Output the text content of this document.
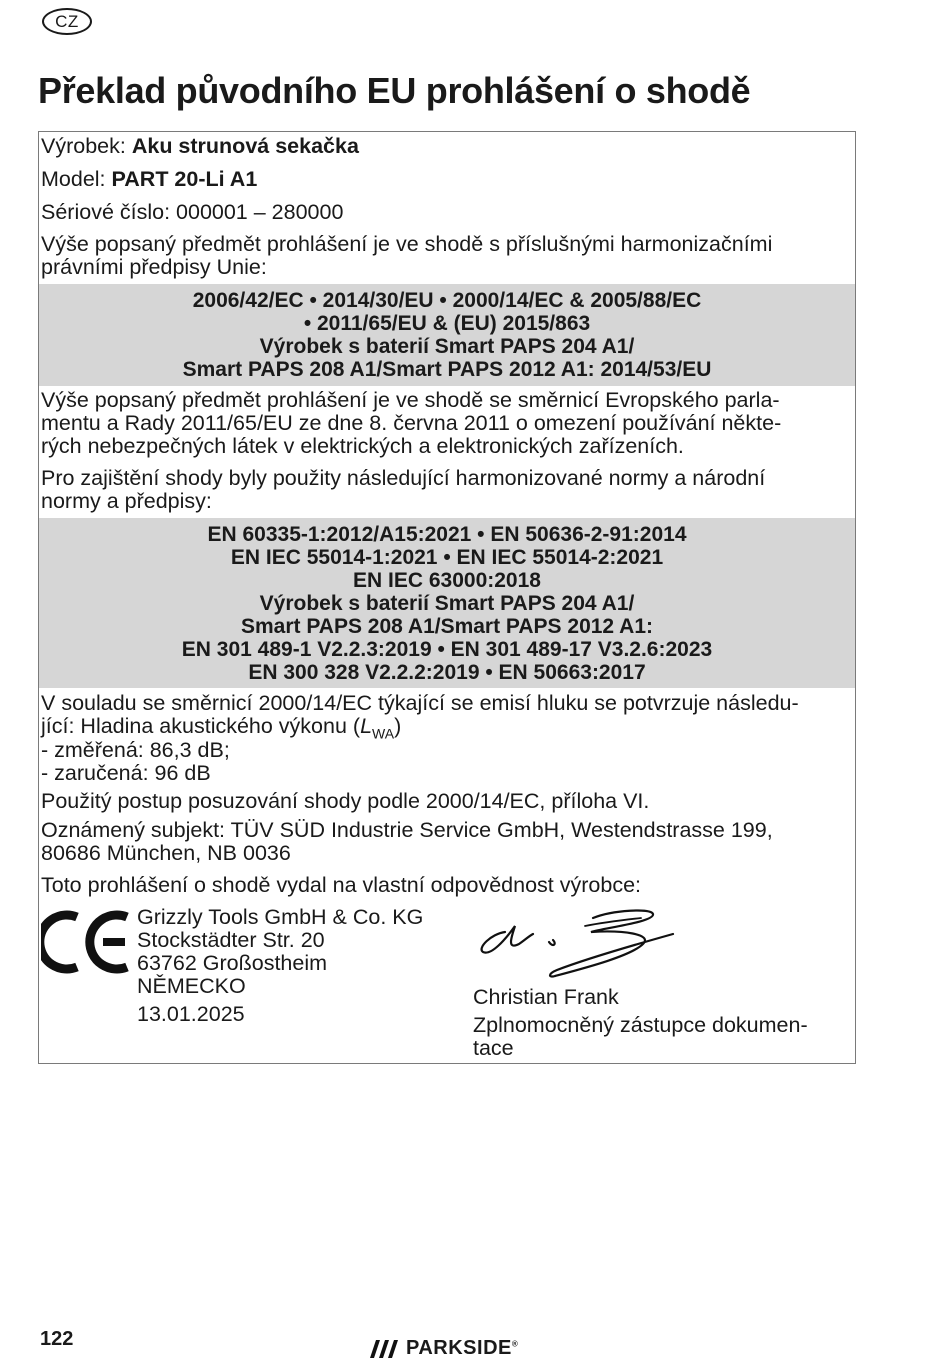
CZ
Překlad původního EU prohlášení o shodě
Výrobek: Aku strunová sekačka
Model: PART 20-Li A1
Sériové číslo: 000001 – 280000
Výše popsaný předmět prohlášení je ve shodě s příslušnými harmonizačními
právními předpisy Unie:
2006/42/EC • 2014/30/EU • 2000/14/EC & 2005/88/EC
• 2011/65/EU & (EU) 2015/863
Výrobek s baterií Smart PAPS 204 A1/
Smart PAPS 208 A1/Smart PAPS 2012 A1: 2014/53/EU
Výše popsaný předmět prohlášení je ve shodě se směrnicí Evropského parla-
mentu a Rady 2011/65/EU ze dne 8. června 2011 o omezení používání někte-
rých nebezpečných látek v elektrických a elektronických zařízeních.
Pro zajištění shody byly použity následující harmonizované normy a národní
normy a předpisy:
EN 60335-1:2012/A15:2021 • EN 50636-2-91:2014
EN IEC 55014-1:2021 • EN IEC 55014-2:2021
EN IEC 63000:2018
Výrobek s baterií Smart PAPS 204 A1/
Smart PAPS 208 A1/Smart PAPS 2012 A1:
EN 301 489-1 V2.2.3:2019 • EN 301 489-17 V3.2.6:2023
EN 300 328 V2.2.2:2019 • EN 50663:2017
V souladu se směrnicí 2000/14/EC týkající se emisí hluku se potvrzuje následu-
jící: Hladina akustického výkonu $(L_{WA})$
- změřená: 86,3 dB;
- zaručená: 96 dB
Použitý postup posuzování shody podle 2000/14/EC, příloha VI.
Oznámený subjekt: TÜV SÜD Industrie Service GmbH, Westendstrasse 199,
80686 München, NB 0036
Toto prohlášení o shodě vydal na vlastní odpovědnost výrobce:
Grizzly Tools GmbH & Co. KG
Stockstädter Str. 20
63762 Großostheim
NĚMECKO
13.01.2025
Christian Frank
Zplnomocněný zástupce dokumen-
tace
122	PARKSIDE®
